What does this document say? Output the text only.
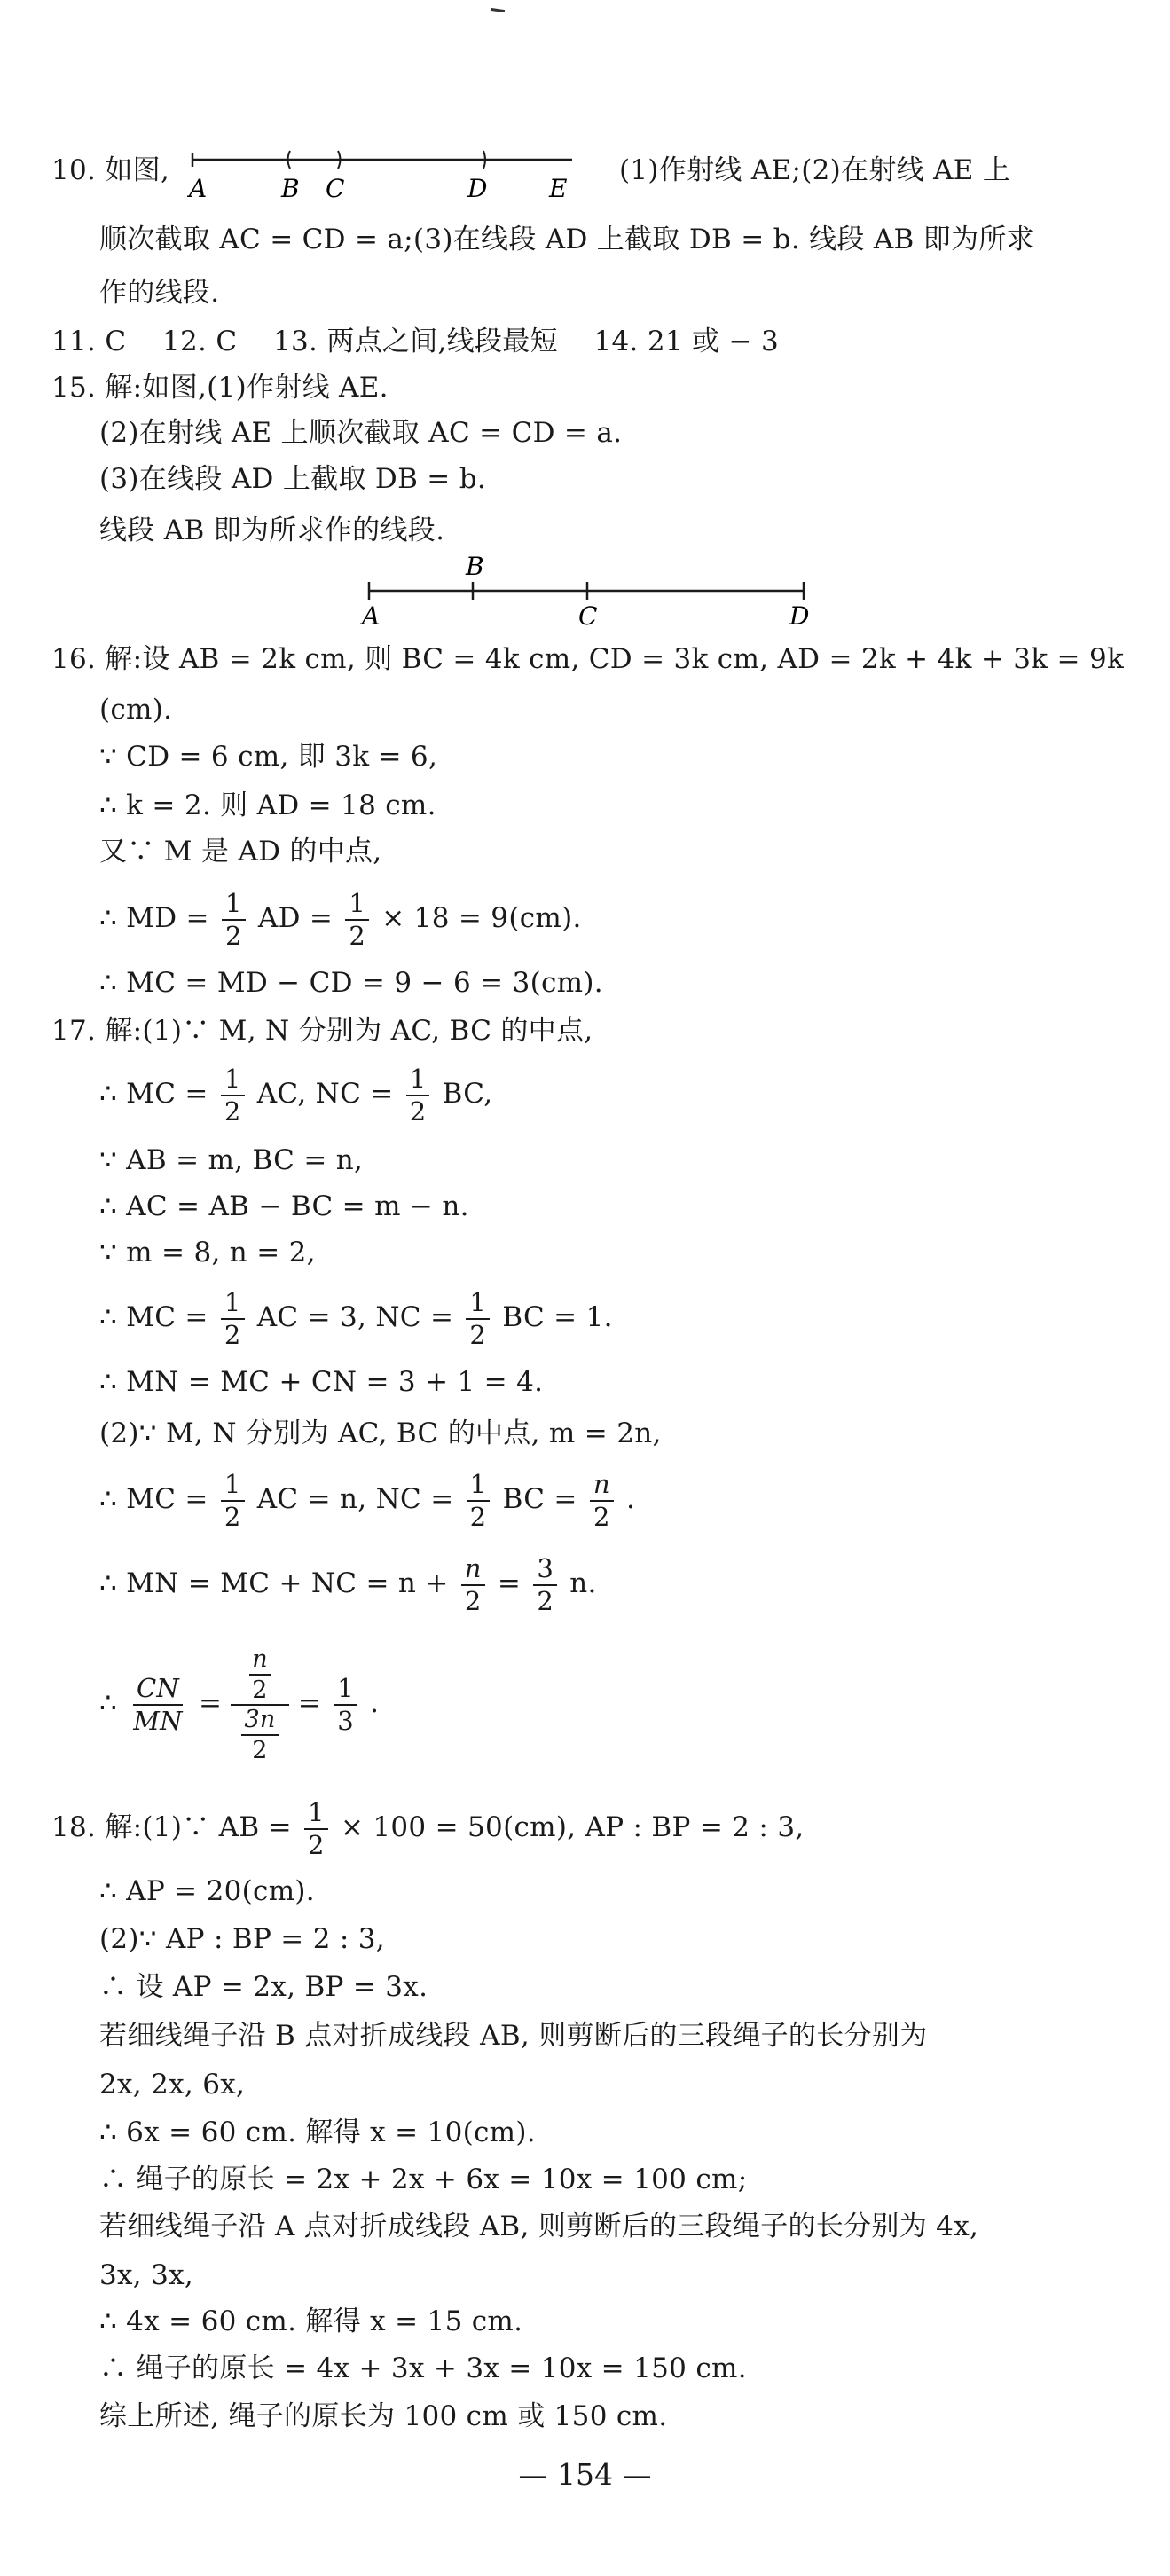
10. 如图,
A	B C	D E
(1)作射线 AE;(2)在射线 AE 上
顺次截取 AC = CD = a;(3)在线段 AD 上截取 DB = b. 线段 AB 即为所求
作的线段.
11. C    12. C    13. 两点之间,线段最短    14. 21 或 − 3
15. 解:如图,(1)作射线 AE.
(2)在射线 AE 上顺次截取 AC = CD = a.
(3)在线段 AD 上截取 DB = b.
线段 AB 即为所求作的线段.
B
A	C	D
16. 解:设 AB = 2k cm, 则 BC = 4k cm, CD = 3k cm, AD = 2k + 4k + 3k = 9k
(cm).
∵ CD = 6 cm, 即 3k = 6,
∴ k = 2. 则 AD = 18 cm.
又∵ M 是 AD 的中点,
∴ MD = $\frac{1}{2}$ AD = $\frac{1}{2} \times 18 = 9(cm)$.
∴ MC = MD − CD = 9 − 6 = 3(cm).
17. 解:(1)∵ M, N 分别为 AC, BC 的中点,
∴ MC = $\frac{1}{2}$ AC, NC = $\frac{1}{2}$ BC,
∵ AB = m, BC = n,
∴ AC = AB − BC = m − n.
∵ m = 8, n = 2,
∴ MC = $\frac{1}{2}$ AC = 3, NC = $\frac{1}{2}$ BC = 1.
∴ MN = MC + CN = 3 + 1 = 4.
(2)∵ M, N 分别为 AC, BC 的中点, m = 2n,
∴ MC = $\frac{1}{2}$ AC = n, NC = $\frac{1}{2}$ BC = $\frac{n}{2}$ .
∴ MN = MC + NC = $n + \frac{n}{2} = \frac{3}{2} n$.
∴ $\frac{CN}{MN} = n$
2
3n
$2 = \frac{1}{3}$ .
18. 解:(1)∵ AB = $\frac{1}{2} \times 100 = 50(cm)$, AP : BP = 2 : 3,
∴ AP = 20(cm).
(2)∵ AP : BP = 2 : 3,
∴ 设 AP = 2x, BP = 3x.
若细线绳子沿 B 点对折成线段 AB, 则剪断后的三段绳子的长分别为
2x, 2x, 6x,
∴ 6x = 60 cm. 解得 x = 10(cm).
∴ 绳子的原长 = 2x + 2x + 6x = 10x = 100 cm;
若细线绳子沿 A 点对折成线段 AB, 则剪断后的三段绳子的长分别为 4x,
3x, 3x,
∴ 4x = 60 cm. 解得 x = 15 cm.
∴ 绳子的原长 = 4x + 3x + 3x = 10x = 150 cm.
综上所述, 绳子的原长为 100 cm 或 150 cm.
— 154 —
